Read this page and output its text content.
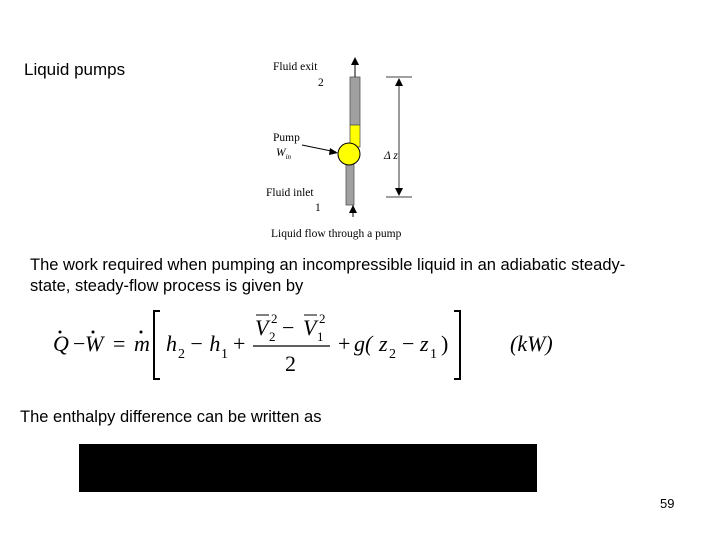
Liquid pumps	Fluid exit
2
Pump
$W_{in}$	Δ z
Fluid inlet
1
Liquid flow through a pump
The work required when pumping an incompressible liquid in an adiabatic steady-
state, steady-flow process is given by
Q − W = m h 2 − h 1 +
V 2
2 − V 2
1
2
+ g( z 2 − z 1 )	(kW)
The enthalpy difference can be written as
59
